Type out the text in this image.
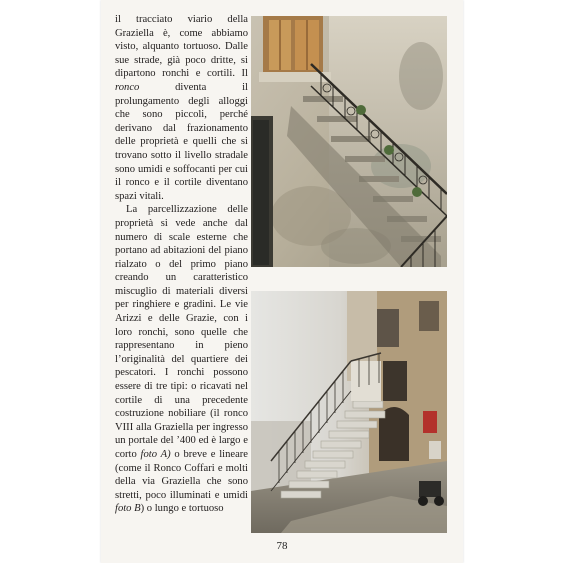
il tracciato viario della Graziella è, come abbiamo visto, alquanto tortuoso. Dalle sue strade, già poco dritte, si dipartono ronchi e cortili. Il ronco diventa il prolungamento degli alloggi che sono piccoli, perché derivano dal frazionamento delle proprietà e quelli che si trovano sotto il livello stradale sono umidi e soffocanti per cui il ronco e il cortile diventano spazi vitali.

La parcellizzazione delle proprietà si vede anche dal numero di scale esterne che portano ad abitazioni del piano rialzato o del primo piano creando un caratteristico miscuglio di materiali diversi per ringhiere e gradini. Le vie Arizzi e delle Grazie, con i loro ronchi, sono quelle che rappresentano in pieno l’originalità del quartiere dei pescatori. I ronchi possono essere di tre tipi: o ricavati nel cortile di una precedente costruzione nobiliare (il ronco VIII alla Graziella per ingresso un portale del ’400 ed è largo e corto foto A) o breve e lineare (come il Ronco Coffari e molti della via Graziella che sono stretti, poco illuminati e umidi foto B) o lungo e tortuoso

78
